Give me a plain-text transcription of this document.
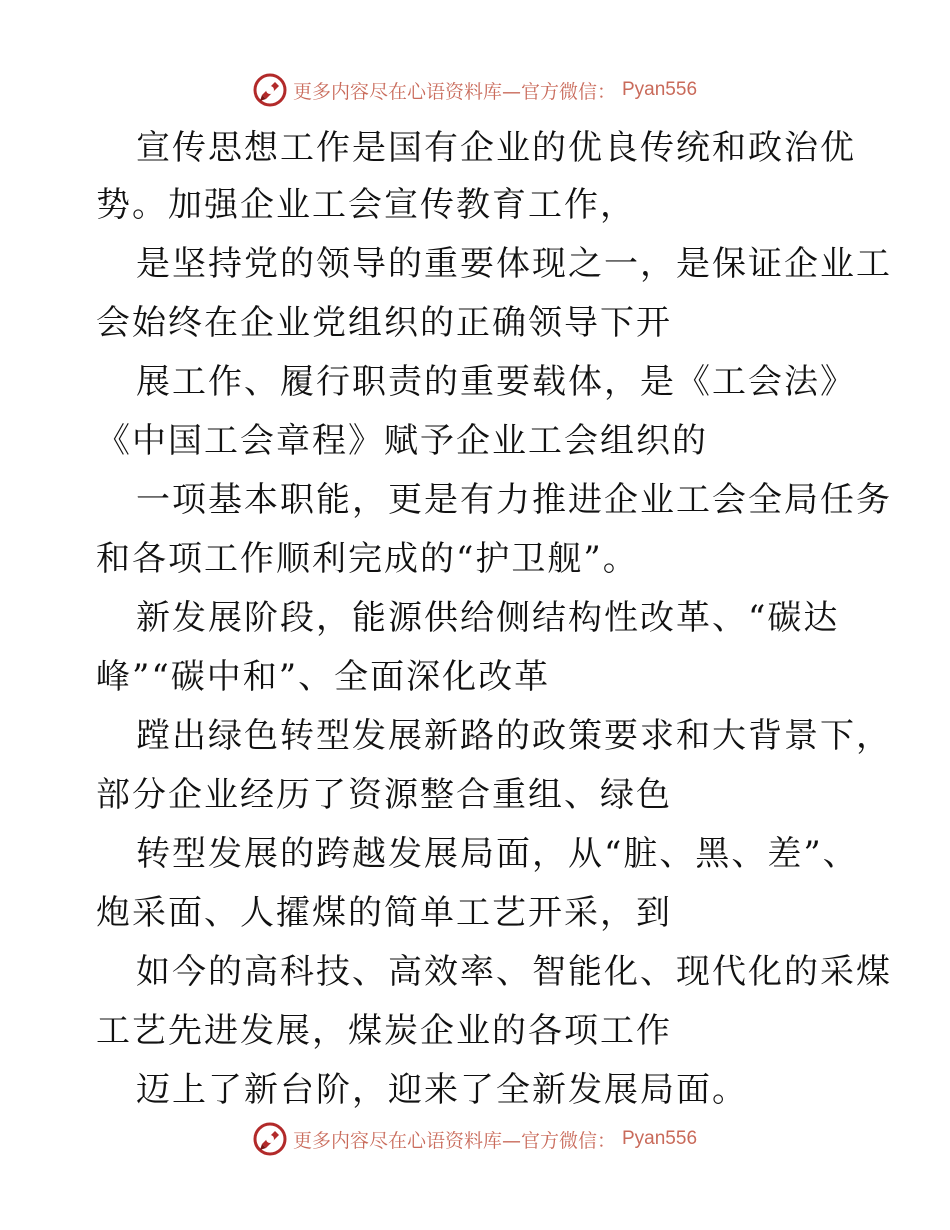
更多内容尽在心语资料库—官方微信： Pyan556
宣传思想工作是国有企业的优良传统和政治优
势。加强企业工会宣传教育工作，
是坚持党的领导的重要体现之一，是保证企业工
会始终在企业党组织的正确领导下开
展工作、履行职责的重要载体，是《工会法》
《中国工会章程》赋予企业工会组织的
一项基本职能，更是有力推进企业工会全局任务
和各项工作顺利完成的“护卫舰”。
新发展阶段，能源供给侧结构性改革、“碳达
峰”“碳中和”、全面深化改革
蹚出绿色转型发展新路的政策要求和大背景下，
部分企业经历了资源整合重组、绿色
转型发展的跨越发展局面，从“脏、黑、差”、
炮采面、人攉煤的简单工艺开采，到
如今的高科技、高效率、智能化、现代化的采煤
工艺先进发展，煤炭企业的各项工作
迈上了新台阶，迎来了全新发展局面。
更多内容尽在心语资料库—官方微信： Pyan556
